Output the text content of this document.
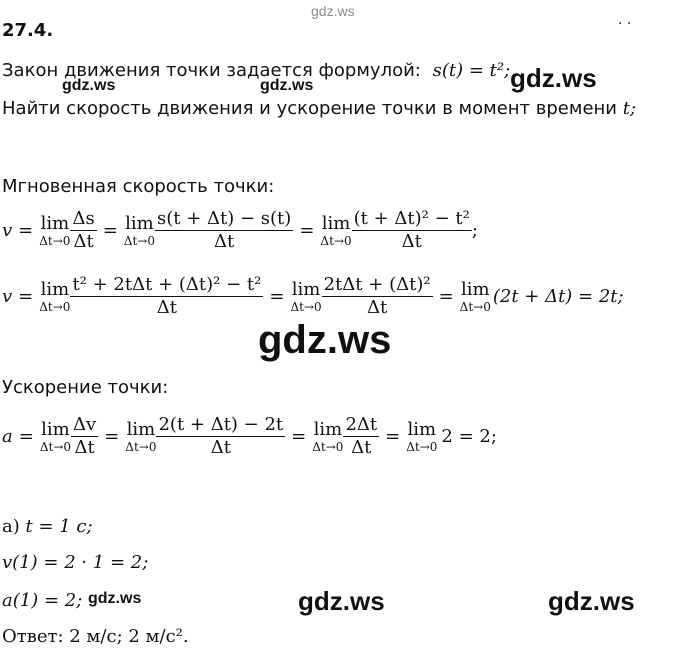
gdz.ws
gdz.ws
gdz.ws	gdz.ws
gdz.ws
gdz.ws	gdz.ws	gdz.ws
27.4.	· ·
Закон движения точки задается формулой: s(t) = t²;
Найти скорость движения и ускорение точки в момент времени t;
Мгновенная скорость точки:
v = lim
$\Delta t\to 0 \frac{\Delta s}{\Delta t} = \lim$
$\Delta t\to 0 \frac{s(t + \Delta t) - s(t)}{\Delta t} = \lim$
$\Delta t\to 0 \frac{\text{(t + Δt)² − t²}}{\Delta t}$ ;
v = lim
$\Delta t\to 0 \frac{\text{t² + 2tΔt + (Δt)² − t²}}{\Delta t} = \lim$
$\Delta t\to 0 \frac{\text{2tΔt + (Δt)²}}{\Delta t} = \lim$
Δt→0 (2t + Δt) = 2t;
Ускорение точки:
a = lim
$\Delta t\to 0 \frac{\Delta v}{\Delta t} = \lim$
$\Delta t\to 0 \frac{2(t + \Delta t) - 2t}{\Delta t} = \lim$
$\Delta t\to 0 \frac{2\Delta t}{\Delta t} = \lim$
Δt→0 2 = 2;
а) t = 1 с;
v(1) = 2 · 1 = 2;
a(1) = 2;
Ответ: 2 м/с; 2 м/с².
